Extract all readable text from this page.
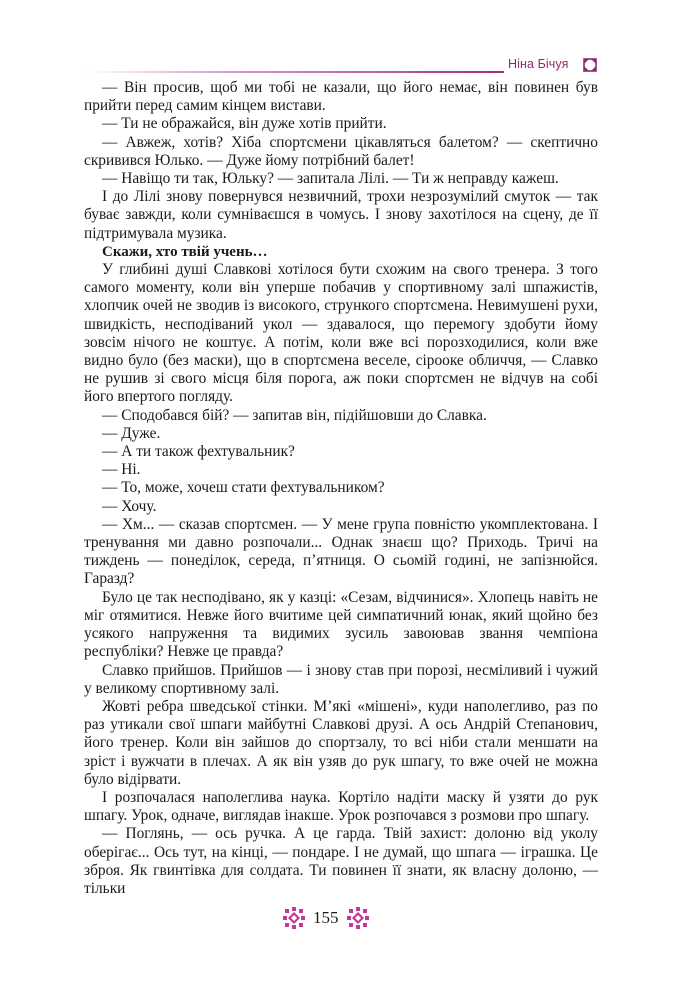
Ніна Бічуя

— Він просив, щоб ми тобі не казали, що його немає, він повинен був прийти перед самим кінцем вистави.

— Ти не ображайся, він дуже хотів прийти.

— Авжеж, хотів? Хіба спортсмени цікавляться балетом? — скептично скривився Юлько. — Дуже йому потрібний балет!

— Навіщо ти так, Юльку? — запитала Лілі. — Ти ж неправду кажеш.

І до Лілі знову повернувся незвичний, трохи незрозумілий смуток — так буває завжди, коли сумніваєшся в чомусь. І знову захотілося на сцену, де її підтримувала музика.

Скажи, хто твій учень…

У глибині душі Славкові хотілося бути схожим на свого тренера. З того самого моменту, коли він уперше побачив у спортивному залі шпажистів, хлопчик очей не зводив із високого, стрункого спортсмена. Невимушені рухи, швидкість, несподіваний укол — здавалося, що перемогу здобути йому зовсім нічого не коштує. А потім, коли вже всі порозходилися, коли вже видно було (без маски), що в спортсмена веселе, сіроoке обличчя, — Славко не рушив зі свого місця біля порога, аж поки спортсмен не відчув на собі його впертого погляду.

— Сподобався бій? — запитав він, підійшовши до Славка.

— Дуже.

— А ти також фехтувальник?

— Ні.

— То, може, хочеш стати фехтувальником?

— Хочу.

— Хм... — сказав спортсмен. — У мене група повністю укомплектована. І тренування ми давно розпочали... Однак знаєш що? Приходь. Тричі на тиждень — понеділок, середа, п’ятниця. О сьомій годині, не запізнюйся. Гаразд?

Було це так несподівано, як у казці: «Сезам, відчинися». Хлопець навіть не міг отямитися. Невже його вчитиме цей симпатичний юнак, який щойно без усякого напруження та видимих зусиль завоював звання чемпіона республіки? Невже це правда?

Славко прийшов. Прийшов — і знову став при порозі, несміливий і чужий у великому спортивному залі.

Жовті ребра шведської стінки. М’які «мішені», куди наполегливо, раз по раз утикали свої шпаги майбутні Славкові друзі. А ось Андрій Степанович, його тренер. Коли він зайшов до спортзалу, то всі ніби стали меншати на зріст і вужчати в плечах. А як він узяв до рук шпагу, то вже очей не можна було відірвати.

І розпочалася наполеглива наука. Кортіло надіти маску й узяти до рук шпагу. Урок, одначе, виглядав інакше. Урок розпочався з розмови про шпагу.

— Поглянь, — ось ручка. А це гарда. Твій захист: долоню від уколу оберігає... Ось тут, на кінці, — пондаре. І не думай, що шпага — іграшка. Це зброя. Як гвинтівка для солдата. Ти повинен її знати, як власну долоню, — тільки

155
